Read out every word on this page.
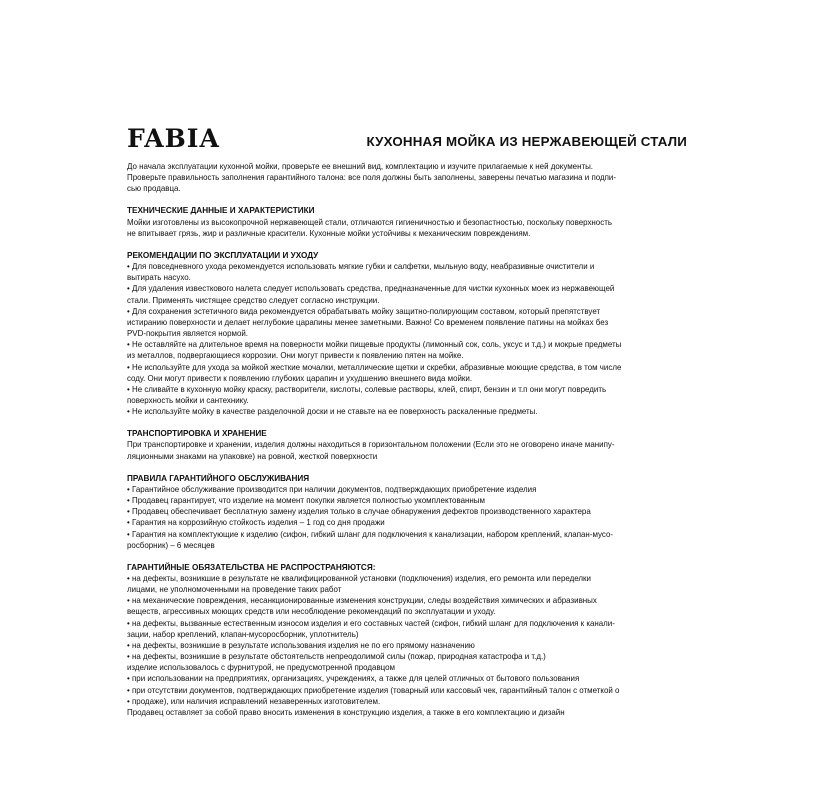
FABIA	КУХОННАЯ МОЙКА ИЗ НЕРЖАВЕЮЩЕЙ СТАЛИ

До начала эксплуатации кухонной мойки, проверьте ее внешний вид, комплектацию и изучите прилагаемые к ней документы.

Проверьте правильность заполнения гарантийного талона: все поля должны быть заполнены, заверены печатью магазина и подпи-

сью продавца.

ТЕХНИЧЕСКИЕ ДАННЫЕ И ХАРАКТЕРИСТИКИ

Мойки изготовлены из высокопрочной нержавеющей стали, отличаются гигиеничностью и безопастностью, поскольку поверхность

не впитывает грязь, жир и различные красители. Кухонные мойки устойчивы к механическим повреждениям.

РЕКОМЕНДАЦИИ ПО ЭКСПЛУАТАЦИИ И УХОДУ

• Для повседневного ухода рекомендуется использовать мягкие губки и салфетки, мыльную воду, неабразивные очистители и

вытирать насухо.

• Для удаления известкового налета следует использовать средства, предназначенные для чистки кухонных моек из нержавеющей

стали. Применять чистящее средство следует согласно инструкции.

• Для сохранения эстетичного вида рекомендуется обрабатывать мойку защитно-полирующим составом, который препятствует

истиранию поверхности и делает неглубокие царапины менее заметными. Важно! Со временем появление патины на мойках без

PVD-покрытия является нормой.

• Не оставляйте на длительное время на поверности мойки пищевые продукты (лимонный сок, соль, уксус и т.д.) и мокрые предметы

из металлов, подвергающиеся коррозии. Они могут привести к появлению пятен на мойке.

• Не используйте для ухода за мойкой жесткие мочалки, металлические щетки и скребки, абразивные моющие средства, в том числе

соду. Они могут привести к появлению глубоких царапин и ухудшению внешнего вида мойки.

• Не сливайте в кухонную мойку краску, растворители, кислоты, солевые растворы, клей, спирт, бензин и т.п они могут повредить

поверхность мойки и сантехнику.

• Не используйте мойку в качестве разделочной доски и не ставьте на ее поверхность раскаленные предметы.

ТРАНСПОРТИРОВКА И ХРАНЕНИЕ

При транспортировке и хранении, изделия должны находиться в горизонтальном положении (Если это не оговорено иначе манипу-

ляционными знаками на упаковке) на ровной, жесткой поверхности

ПРАВИЛА ГАРАНТИЙНОГО ОБСЛУЖИВАНИЯ

• Гарантийное обслуживание производится при наличии документов, подтверждающих приобретение изделия

• Продавец гарантирует, что изделие на момент покупки является полностью укомплектованным

• Продавец обеспечивает бесплатную замену изделия только в случае обнаружения дефектов производственного характера

• Гарантия на коррозийную стойкость изделия – 1 год со дня продажи

• Гарантия на комплектующие к изделию (сифон, гибкий шланг для подключения к канализации, набором креплений, клапан-мусо-

росборник) – 6 месяцев

ГАРАНТИЙНЫЕ ОБЯЗАТЕЛЬСТВА НЕ РАСПРОСТРАНЯЮТСЯ:

• на дефекты, возникшие в результате не квалифицированной установки (подключения) изделия, его ремонта или переделки

лицами, не уполномоченными на проведение таких работ

• на механические повреждения, несанкционированные изменения конструкции, следы воздействия химических и абразивных

веществ, агрессивных моющих средств или несоблюдение рекомендаций по эксплуатации и уходу.

• на дефекты, вызванные естественным износом изделия и его составных частей (сифон, гибкий шланг для подключения к канали-

зации, набор креплений, клапан-мусоросборник, уплотнитель)

• на дефекты, возникшие в результате использования изделия не по его прямому назначению

• на дефекты, возникшие в результате обстоятельств непреодолимой силы (пожар, природная катастрофа и т.д.)

изделие использовалось с фурнитурой, не предусмотренной продавцом

• при использовании на предприятиях, организациях, учреждениях, а также для целей отличных от бытового пользования

• при отсутствии документов, подтверждающих приобретение изделия (товарный или кассовый чек, гарантийный талон с отметкой о

• продаже), или наличия исправлений незаверенных изготовителем.

Продавец оставляет за собой право вносить изменения в конструкцию изделия, а также в его комплектацию и дизайн
